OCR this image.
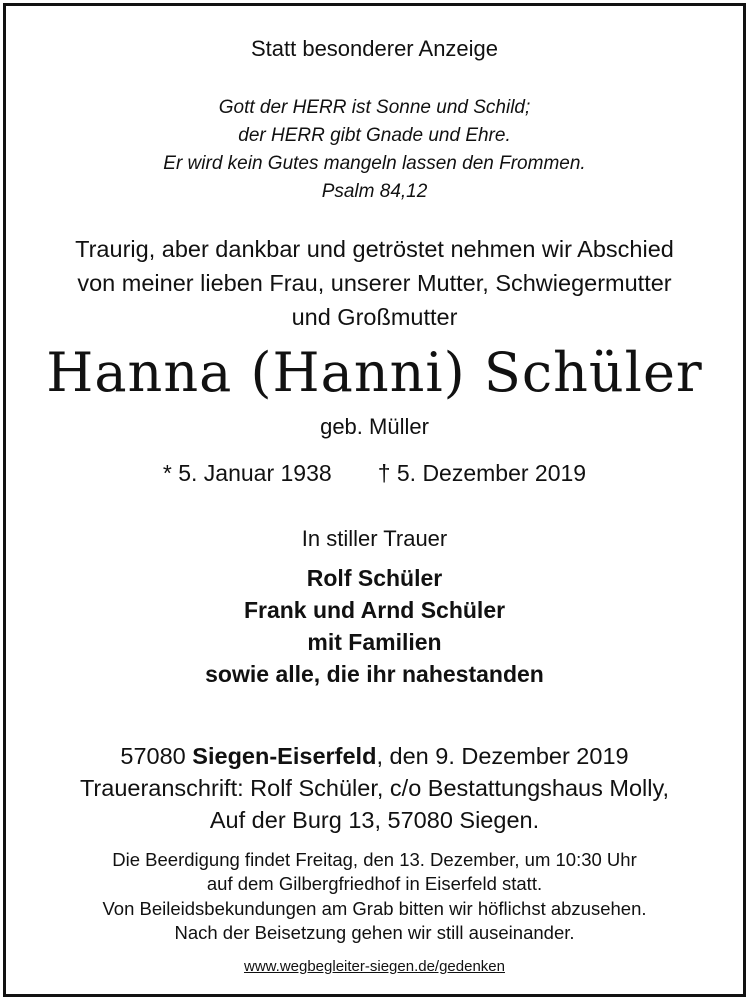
Statt besonderer Anzeige
Gott der HERR ist Sonne und Schild;
der HERR gibt Gnade und Ehre.
Er wird kein Gutes mangeln lassen den Frommen.
Psalm 84,12
Traurig, aber dankbar und getröstet nehmen wir Abschied
von meiner lieben Frau, unserer Mutter, Schwiegermutter
und Großmutter
Hanna (Hanni) Schüler
geb. Müller
* 5. Januar 1938 † 5. Dezember 2019
In stiller Trauer
Rolf Schüler
Frank und Arnd Schüler
mit Familien
sowie alle, die ihr nahestanden
57080 Siegen-Eiserfeld, den 9. Dezember 2019
Traueranschrift: Rolf Schüler, c/o Bestattungshaus Molly,
Auf der Burg 13, 57080 Siegen.
Die Beerdigung findet Freitag, den 13. Dezember, um 10:30 Uhr
auf dem Gilbergfriedhof in Eiserfeld statt.
Von Beileidsbekundungen am Grab bitten wir höflichst abzusehen.
Nach der Beisetzung gehen wir still auseinander.
www.wegbegleiter-siegen.de/gedenken
